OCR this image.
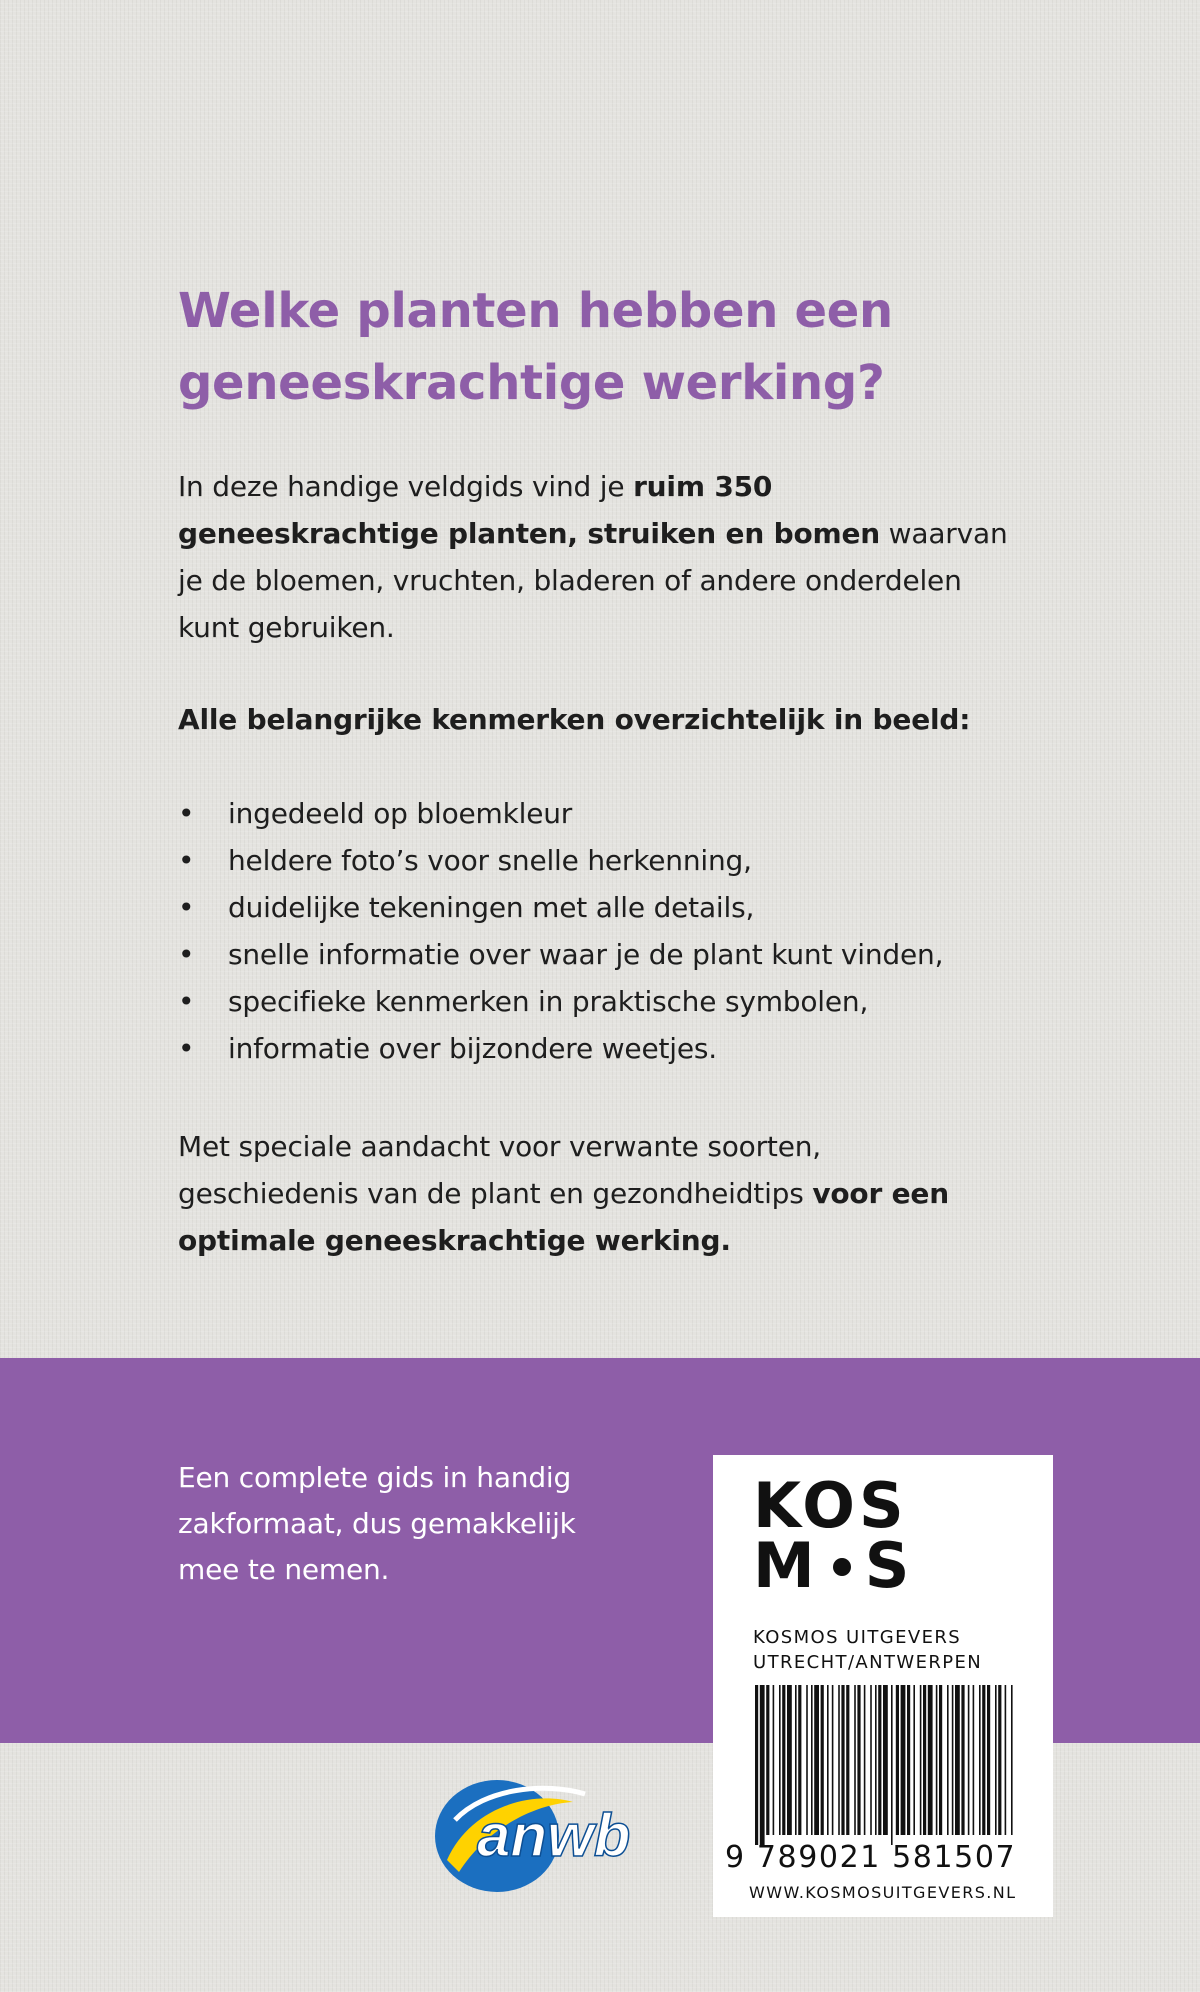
Welke planten hebben een
geneeskrachtige werking?

In deze handige veldgids vind je ruim 350
geneeskrachtige planten, struiken en bomen waarvan
je de bloemen, vruchten, bladeren of andere onderdelen
kunt gebruiken.

Alle belangrijke kenmerken overzichtelijk in beeld:

• ingedeeld op bloemkleur
• heldere foto’s voor snelle herkenning,
• duidelijke tekeningen met alle details,
• snelle informatie over waar je de plant kunt vinden,
• specifieke kenmerken in praktische symbolen,
• informatie over bijzondere weetjes.

Met speciale aandacht voor verwante soorten,
geschiedenis van de plant en gezondheidtips voor een
optimale geneeskrachtige werking.

Een complete gids in handig
zakformaat, dus gemakkelijk
mee te nemen.

KOS
M S
KOSMOS UITGEVERS
UTRECHT/ANTWERPEN
9 789021 581507
WWW.KOSMOSUITGEVERS.NL
anwb
